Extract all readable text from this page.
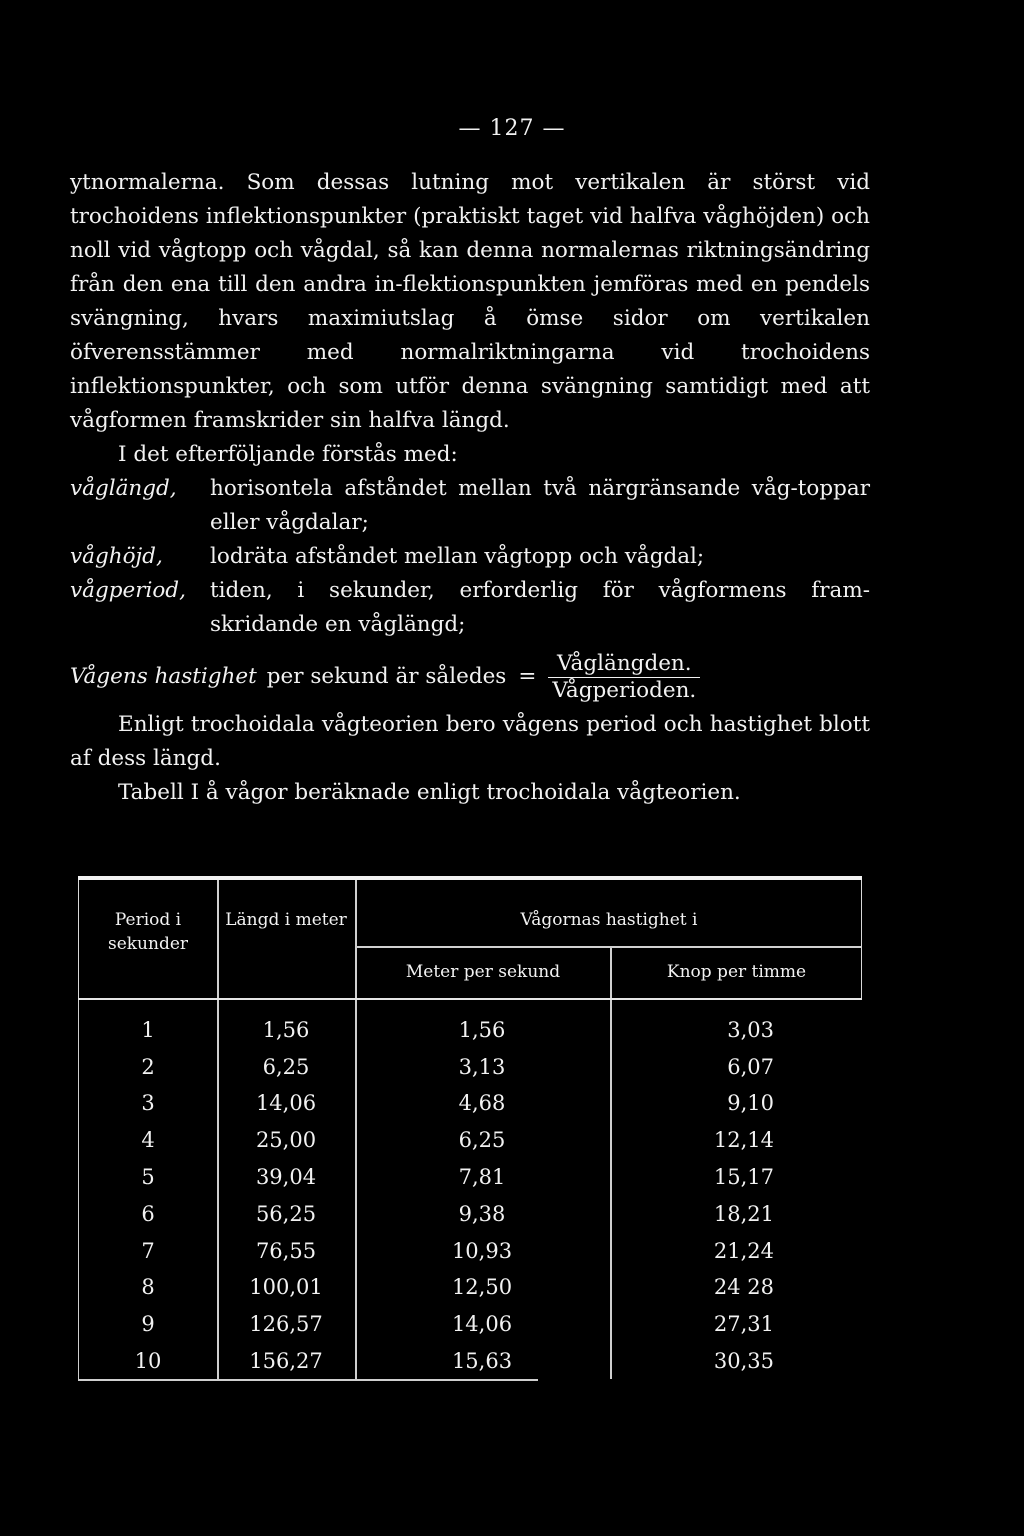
— 127 —

ytnormalerna. Som dessas lutning mot vertikalen är störst vid trochoidens inflektionspunkter (praktiskt taget vid halfva våghöjden) och noll vid vågtopp och vågdal, så kan denna normalernas riktningsändring från den ena till den andra in-flektionspunkten jemföras med en pendels svängning, hvars maximiutslag å ömse sidor om vertikalen öfverensstämmer med normalriktningarna vid trochoidens inflektionspunkter, och som utför denna svängning samtidigt med att vågformen framskrider sin halfva längd.

I det efterföljande förstås med:

våglängd,	horisontela afståndet mellan två närgränsande våg-toppar eller vågdalar;
våghöjd,	lodräta afståndet mellan vågtopp och vågdal;
vågperiod,	tiden, i sekunder, erforderlig för vågformens fram-skridande en våglängd;
Vågens hastighet per sekund är således = $\frac{\text{Våglängden.}}{\text{Vågperioden.}}$

Enligt trochoidala vågteorien bero vågens period och hastighet blott af dess längd.

Tabell I å vågor beräknade enligt trochoidala vågteorien.

Period i sekunder
Längd i meter	Vågornas hastighet i
Meter per sekund	Knop per timme
1	1,56	1,56	3,03
2	6,25	3,13	6,07
3	14,06	4,68	9,10
4	25,00	6,25	12,14
5	39,04	7,81	15,17
6	56,25	9,38	18,21
7	76,55	10,93	21,24
8	100,01	12,50	24 28
9	126,57	14,06	27,31
10	156,27	15,63	30,35
